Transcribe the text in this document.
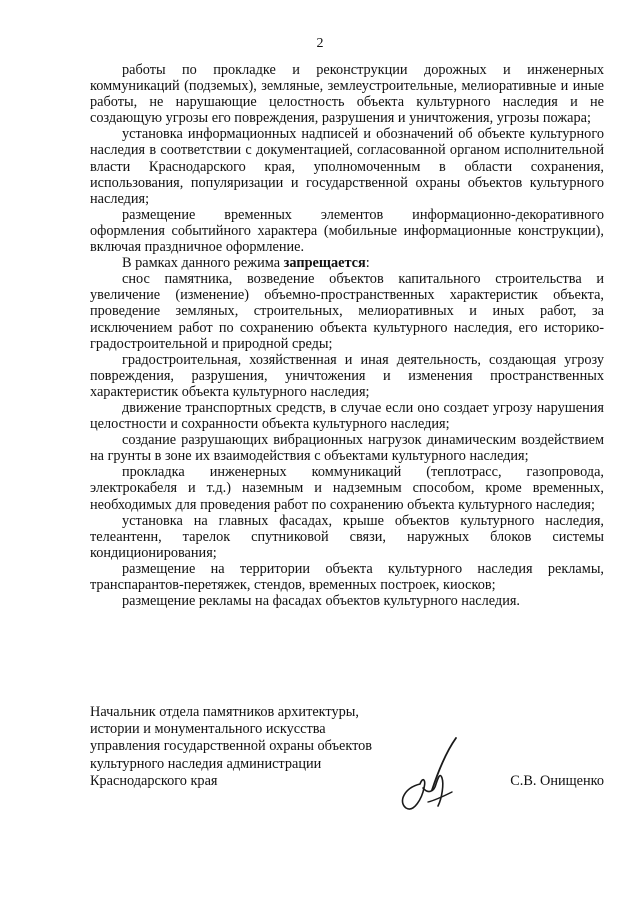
2

работы по прокладке и реконструкции дорожных и инженерных коммуникаций (подземых), земляные, землеустроительные, мелиоративные и иные работы, не нарушающие целостность объекта культурного наследия и не создающую угрозы его повреждения, разрушения и уничтожения, угрозы пожара;

установка информационных надписей и обозначений об объекте культурного наследия в соответствии с документацией, согласованной органом исполнительной власти Краснодарского края, уполномоченным в области сохранения, использования, популяризации и государственной охраны объектов культурного наследия;

размещение временных элементов информационно-декоративного оформления событийного характера (мобильные информационные конструкции), включая праздничное оформление.

В рамках данного режима запрещается:

снос памятника, возведение объектов капитального строительства и увеличение (изменение) объемно-пространственных характеристик объекта, проведение земляных, строительных, мелиоративных и иных работ, за исключением работ по сохранению объекта культурного наследия, его историко-градостроительной и природной среды;

градостроительная, хозяйственная и иная деятельность, создающая угрозу повреждения, разрушения, уничтожения и изменения пространственных характеристик объекта культурного наследия;

движение транспортных средств, в случае если оно создает угрозу нарушения целостности и сохранности объекта культурного наследия;

создание разрушающих вибрационных нагрузок динамическим воздействием на грунты в зоне их взаимодействия с объектами культурного наследия;

прокладка инженерных коммуникаций (теплотрасс, газопровода, электрокабеля и т.д.) наземным и надземным способом, кроме временных, необходимых для проведения работ по сохранению объекта культурного наследия;

установка на главных фасадах, крыше объектов культурного наследия, телеантенн, тарелок спутниковой связи, наружных блоков системы кондиционирования;

размещение на территории объекта культурного наследия рекламы, транспарантов-перетяжек, стендов, временных построек, киосков;

размещение рекламы на фасадах объектов культурного наследия.

Начальник отдела памятников архитектуры,
истории и монументального искусства
управления государственной охраны объектов
культурного наследия администрации
Краснодарского края	С.В. Онищенко
